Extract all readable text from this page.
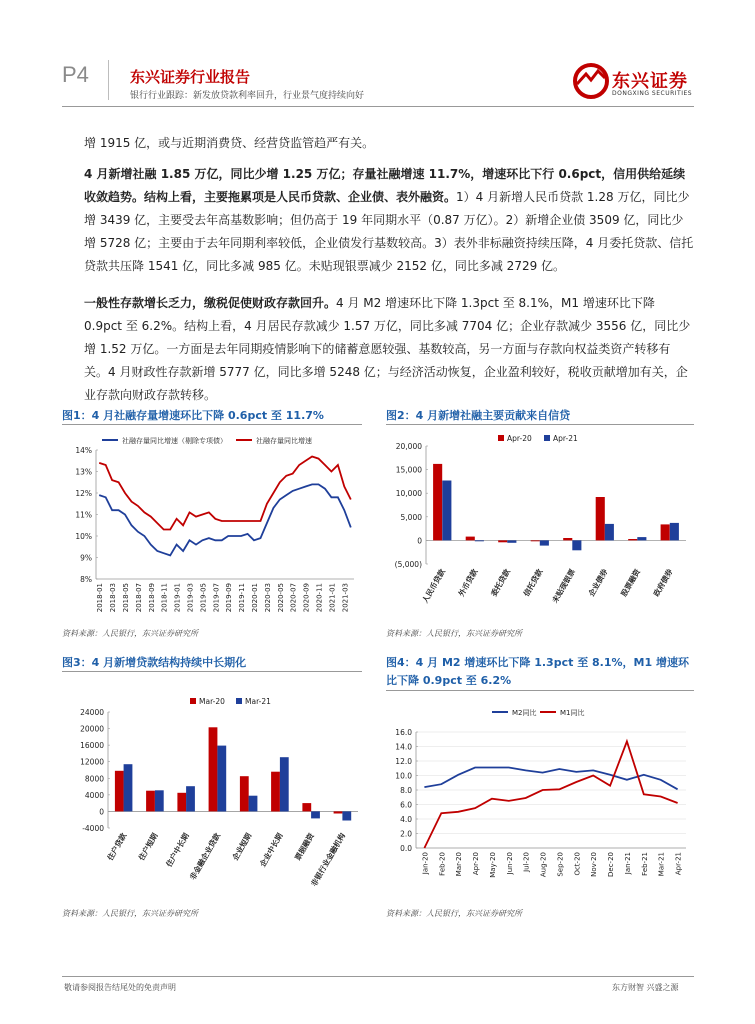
P4	东兴证券行业报告
银行行业跟踪：新发放贷款利率回升，行业景气度持续向好
东兴证券
DONGXING SECURITIES
增 1915 亿，或与近期消费贷、经营贷监管趋严有关。
4 月新增社融 1.85 万亿，同比少增 1.25 万亿；存量社融增速 11.7%，增速环比下行 0.6pct，信用供给延续收敛趋势。结构上看，主要拖累项是人民币贷款、企业债、表外融资。1）4 月新增人民币贷款 1.28 万亿，同比少增 3439 亿，主要受去年高基数影响；但仍高于 19 年同期水平（0.87 万亿）。2）新增企业债 3509 亿，同比少增 5728 亿；主要由于去年同期利率较低，企业债发行基数较高。3）表外非标融资持续压降，4 月委托贷款、信托贷款共压降 1541 亿，同比多减 985 亿。未贴现银票减少 2152 亿，同比多减 2729 亿。
一般性存款增长乏力，缴税促使财政存款回升。4 月 M2 增速环比下降 1.3pct 至 8.1%，M1 增速环比下降 0.9pct 至 6.2%。结构上看，4 月居民存款减少 1.57 万亿，同比多减 7704 亿；企业存款减少 3556 亿，同比少增 1.52 万亿。一方面是去年同期疫情影响下的储蓄意愿较强、基数较高，另一方面与存款向权益类资产转移有关。4 月财政性存款新增 5777 亿，同比多增 5248 亿；与经济活动恢复，企业盈利较好，税收贡献增加有关，企业存款向财政存款转移。
图1：4 月社融存量增速环比下降 0.6pct 至 11.7%	图2：4 月新增社融主要贡献来自信贷
图3：4 月新增贷款结构持续中长期化	图4：4 月 M2 增速环比下降 1.3pct 至 8.1%，M1 增速环比下降 0.9pct 至 6.2%
8%
9%
10%
11%
12%
13%
14%
2018-01 2018-03 2018-05 2018-07 2018-09 2018-11 2019-01 2019-03 2019-05 2019-07 2019-09 2019-11 2020-01 2020-03 2020-05 2020-07 2020-09 2020-11 2021-01 2021-03
社融存量同比增速（剔除专项债）	社融存量同比增速
20,000
15,000
10,000
5,000
0
(5,000)
人民币贷款 外币贷款 委托贷款 信托贷款 未贴现银票 企业债券 股票融资 政府债券
Apr-20	Apr-21
24000
20000
16000
12000
8000
4000
0
-4000
住户贷款 住户短期 住户中长期
非金融企业贷款 企业短期 企业中长期 票据融资
非银行业金融机构
Mar-20	Mar-21
16.0
14.0
12.0
10.0
8.0
6.0
4.0
2.0
0.0
Jan-20 Feb-20 Mar-20 Apr-20 May-20 Jun-20 Jul-20 Aug-20 Sep-20 Oct-20 Nov-20 Dec-20 Jan-21 Feb-21 Mar-21 Apr-21
M2同比	M1同比
资料来源：人民银行，东兴证券研究所	资料来源：人民银行，东兴证券研究所
资料来源：人民银行，东兴证券研究所	资料来源：人民银行，东兴证券研究所
敬请参阅报告结尾处的免责声明	东方财智 兴盛之源
